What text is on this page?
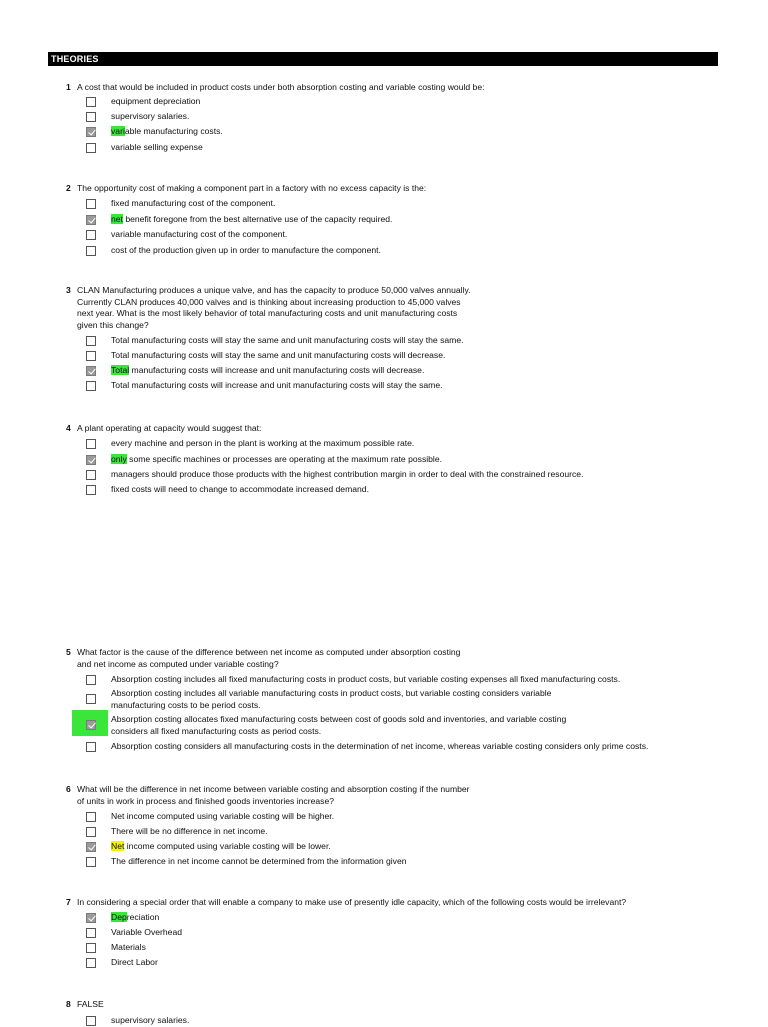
THEORIES
1 A cost that would be included in product costs under both absorption costing and variable costing would be:
equipment depreciation
supervisory salaries.
variable manufacturing costs.
variable selling expense
2 The opportunity cost of making a component part in a factory with no excess capacity is the:
fixed manufacturing cost of the component.
net benefit foregone from the best alternative use of the capacity required.
variable manufacturing cost of the component.
cost of the production given up in order to manufacture the component.
3 CLAN Manufacturing produces a unique valve, and has the capacity to produce 50,000 valves annually.
Currently CLAN produces 40,000 valves and is thinking about increasing production to 45,000 valves
next year. What is the most likely behavior of total manufacturing costs and unit manufacturing costs
given this change?
Total manufacturing costs will stay the same and unit manufacturing costs will stay the same.
Total manufacturing costs will stay the same and unit manufacturing costs will decrease.
Total manufacturing costs will increase and unit manufacturing costs will decrease.
Total manufacturing costs will increase and unit manufacturing costs will stay the same.
4 A plant operating at capacity would suggest that:
every machine and person in the plant is working at the maximum possible rate.
only some specific machines or processes are operating at the maximum rate possible.
managers should produce those products with the highest contribution margin in order to deal with the constrained resource.
fixed costs will need to change to accommodate increased demand.
5 What factor is the cause of the difference between net income as computed under absorption costing
and net income as computed under variable costing?
Absorption costing includes all fixed manufacturing costs in product costs, but variable costing expenses all fixed manufacturing costs.
Absorption costing includes all variable manufacturing costs in product costs, but variable costing considers variable
manufacturing costs to be period costs.
Absorption costing allocates fixed manufacturing costs between cost of goods sold and inventories, and variable costing
considers all fixed manufacturing costs as period costs.
Absorption costing considers all manufacturing costs in the determination of net income, whereas variable costing considers only prime costs.
6 What will be the difference in net income between variable costing and absorption costing if the number
of units in work in process and finished goods inventories increase?
Net income computed using variable costing will be higher.
There will be no difference in net income.
Net income computed using variable costing will be lower.
The difference in net income cannot be determined from the information given
7 In considering a special order that will enable a company to make use of presently idle capacity, which of the following costs would be irrelevant?
Depreciation
Variable Overhead
Materials
Direct Labor
8 FALSE
supervisory salaries.
